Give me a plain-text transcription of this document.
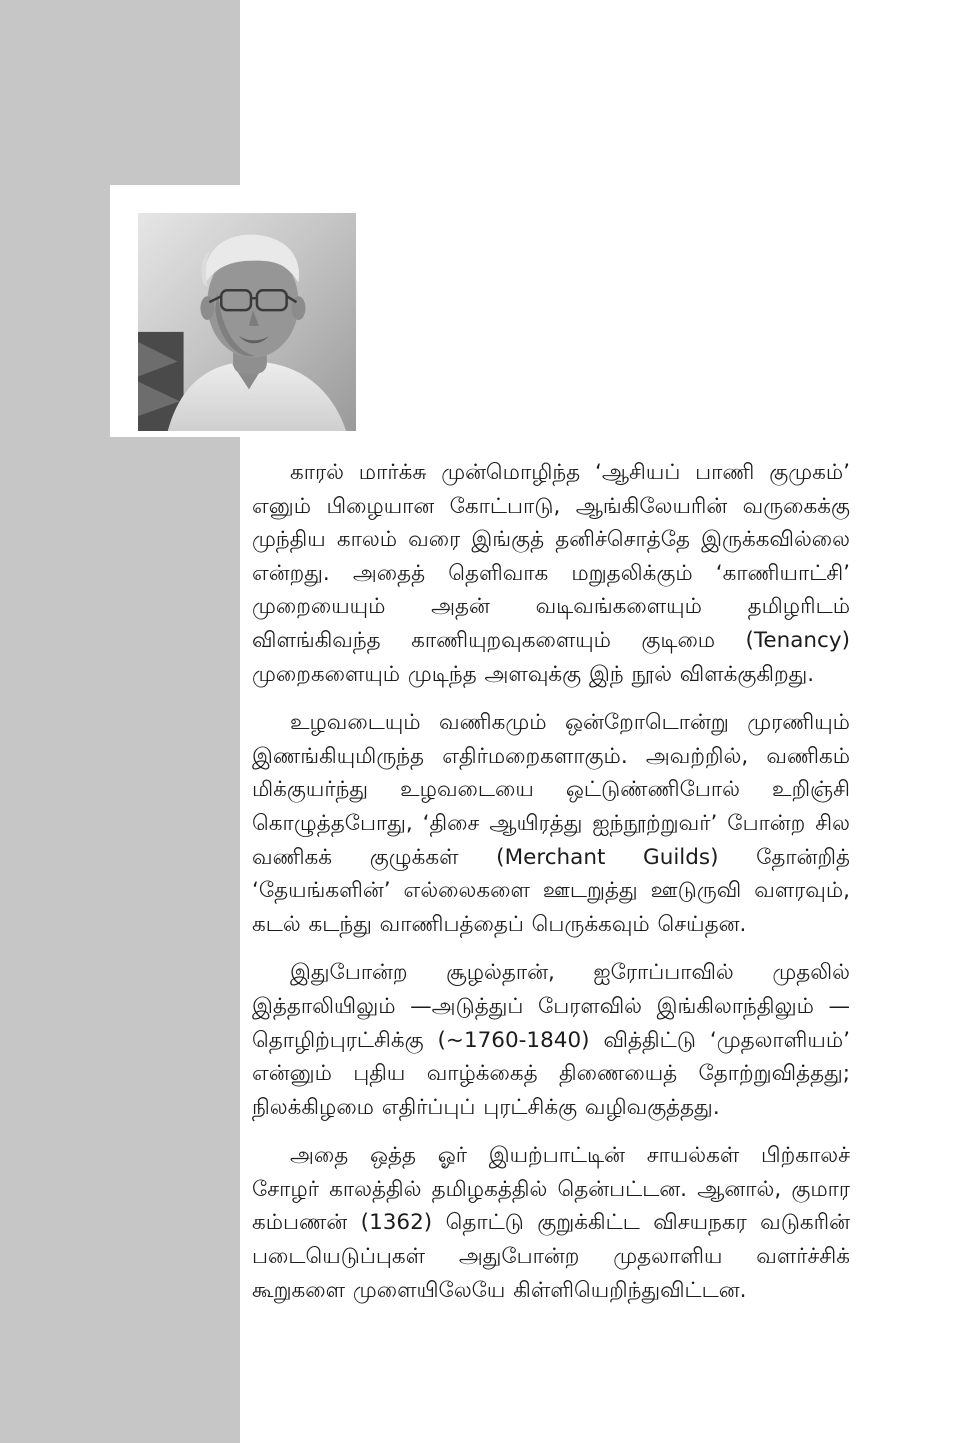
காரல் மார்க்சு முன்மொழிந்த ‘ஆசியப் பாணி குமுகம்’ எனும் பிழையான கோட்பாடு, ஆங்கிலேயரின் வருகைக்கு முந்திய காலம் வரை இங்குத் தனிச்சொத்தே இருக்கவில்லை என்றது. அதைத் தெளிவாக மறுதலிக்கும் ‘காணியாட்சி’ முறையையும் அதன் வடிவங்களையும் தமிழரிடம் விளங்கிவந்த காணியுறவுகளையும் குடிமை (Tenancy) முறைகளையும் முடிந்த அளவுக்கு இந் நூல் விளக்குகிறது.

உழவடையும் வணிகமும் ஒன்றோடொன்று முரணியும் இணங்கியுமிருந்த எதிர்மறைகளாகும். அவற்றில், வணிகம் மிக்குயர்ந்து உழவடையை ஒட்டுண்ணிபோல் உறிஞ்சி கொழுத்தபோது, ‘திசை ஆயிரத்து ஐந்நூற்றுவர்’ போன்ற சில வணிகக் குழுக்கள் (Merchant Guilds) தோன்றித் ‘தேயங்களின்’ எல்லைகளை ஊடறுத்து ஊடுருவி வளரவும், கடல் கடந்து வாணிபத்தைப் பெருக்கவும் செய்தன.

இதுபோன்ற சூழல்தான், ஐரோப்பாவில் முதலில் இத்தாலியிலும் —அடுத்துப் பேரளவில் இங்கிலாந்திலும் — தொழிற்புரட்சிக்கு (~1760-1840) வித்திட்டு ‘முதலாளியம்’ என்னும் புதிய வாழ்க்கைத் திணையைத் தோற்றுவித்தது; நிலக்கிழமை எதிர்ப்புப் புரட்சிக்கு வழிவகுத்தது.

அதை ஒத்த ஓர் இயற்பாட்டின் சாயல்கள் பிற்காலச் சோழர் காலத்தில் தமிழகத்தில் தென்பட்டன. ஆனால், குமார கம்பணன் (1362) தொட்டு குறுக்கிட்ட விசயநகர வடுகரின் படையெடுப்புகள் அதுபோன்ற முதலாளிய வளர்ச்சிக் கூறுகளை முளையிலேயே கிள்ளியெறிந்துவிட்டன.
